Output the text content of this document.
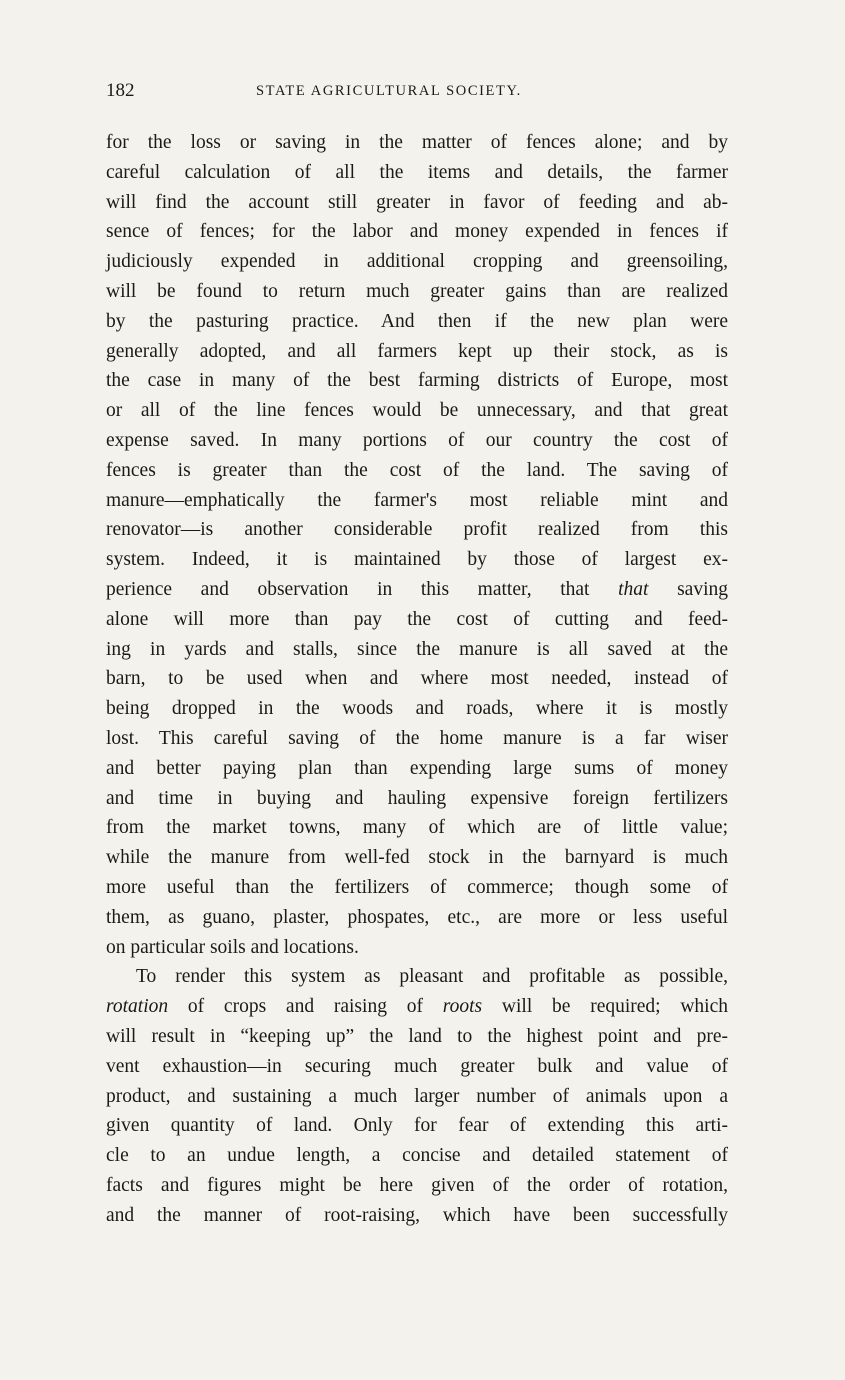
182	STATE AGRICULTURAL SOCIETY.
for the loss or saving in the matter of fences alone; and by
careful calculation of all the items and details, the farmer
will find the account still greater in favor of feeding and ab-
sence of fences; for the labor and money expended in fences if
judiciously expended in additional cropping and greensoiling,
will be found to return much greater gains than are realized
by the pasturing practice. And then if the new plan were
generally adopted, and all farmers kept up their stock, as is
the case in many of the best farming districts of Europe, most
or all of the line fences would be unnecessary, and that great
expense saved. In many portions of our country the cost of
fences is greater than the cost of the land. The saving of
manure—emphatically the farmer's most reliable mint and
renovator—is another considerable profit realized from this
system. Indeed, it is maintained by those of largest ex-
perience and observation in this matter, that that saving
alone will more than pay the cost of cutting and feed-
ing in yards and stalls, since the manure is all saved at the
barn, to be used when and where most needed, instead of
being dropped in the woods and roads, where it is mostly
lost. This careful saving of the home manure is a far wiser
and better paying plan than expending large sums of money
and time in buying and hauling expensive foreign fertilizers
from the market towns, many of which are of little value;
while the manure from well-fed stock in the barnyard is much
more useful than the fertilizers of commerce; though some of
them, as guano, plaster, phospates, etc., are more or less useful
on particular soils and locations.
To render this system as pleasant and profitable as possible,
rotation of crops and raising of roots will be required; which
will result in “keeping up” the land to the highest point and pre-
vent exhaustion—in securing much greater bulk and value of
product, and sustaining a much larger number of animals upon a
given quantity of land. Only for fear of extending this arti-
cle to an undue length, a concise and detailed statement of
facts and figures might be here given of the order of rotation,
and the manner of root-raising, which have been successfully
